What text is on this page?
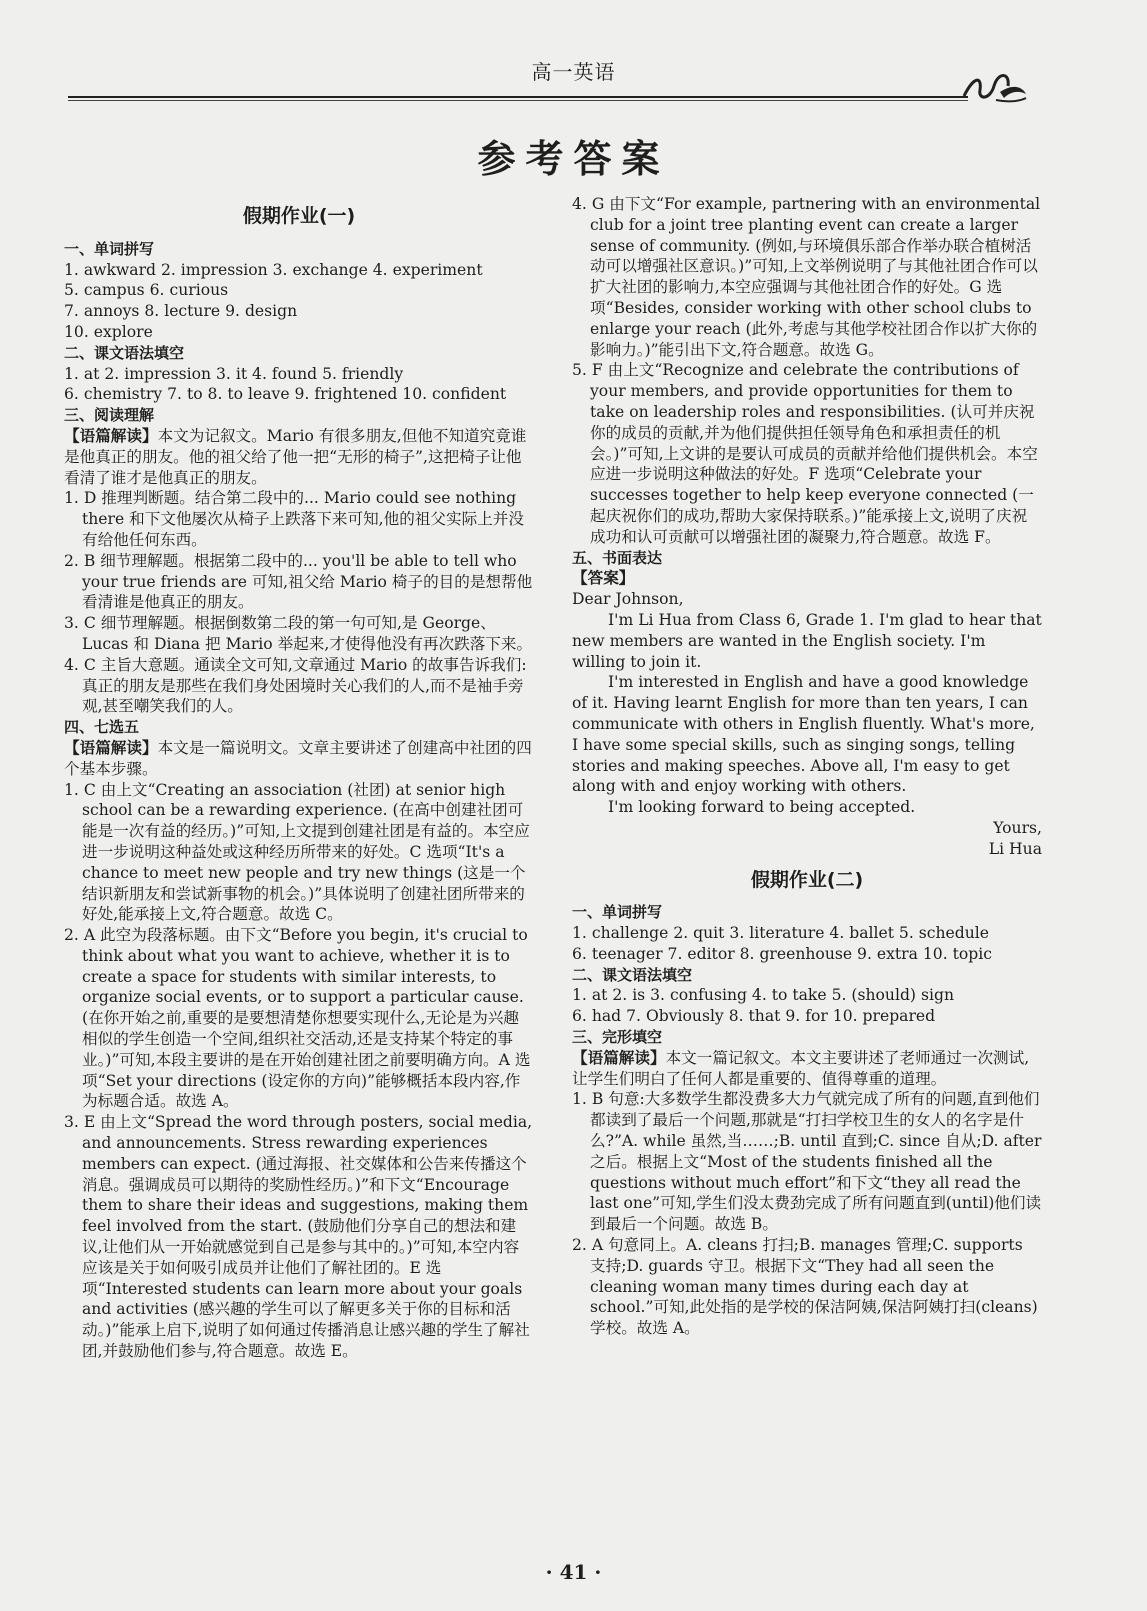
高一英语
参考答案
假期作业(一)

一、单词拼写

1. awkward 2. impression 3. exchange 4. experiment

5. campus 6. curious

7. annoys 8. lecture 9. design

10. explore

二、课文语法填空

1. at 2. impression 3. it 4. found 5. friendly

6. chemistry 7. to 8. to leave 9. frightened 10. confident

三、阅读理解

【语篇解读】本文为记叙文。Mario 有很多朋友,但他不知道究竟谁是他真正的朋友。他的祖父给了他一把“无形的椅子”,这把椅子让他看清了谁才是他真正的朋友。

1. D 推理判断题。结合第二段中的... Mario could see nothing there 和下文他屡次从椅子上跌落下来可知,他的祖父实际上并没有给他任何东西。

2. B 细节理解题。根据第二段中的... you'll be able to tell who your true friends are 可知,祖父给 Mario 椅子的目的是想帮他看清谁是他真正的朋友。

3. C 细节理解题。根据倒数第二段的第一句可知,是 George、Lucas 和 Diana 把 Mario 举起来,才使得他没有再次跌落下来。

4. C 主旨大意题。通读全文可知,文章通过 Mario 的故事告诉我们:真正的朋友是那些在我们身处困境时关心我们的人,而不是袖手旁观,甚至嘲笑我们的人。

四、七选五

【语篇解读】本文是一篇说明文。文章主要讲述了创建高中社团的四个基本步骤。

1. C 由上文“Creating an association (社团) at senior high school can be a rewarding experience. (在高中创建社团可能是一次有益的经历。)”可知,上文提到创建社团是有益的。本空应进一步说明这种益处或这种经历所带来的好处。C 选项“It's a chance to meet new people and try new things (这是一个结识新朋友和尝试新事物的机会。)”具体说明了创建社团所带来的好处,能承接上文,符合题意。故选 C。

2. A 此空为段落标题。由下文“Before you begin, it's crucial to think about what you want to achieve, whether it is to create a space for students with similar interests, to organize social events, or to support a particular cause. (在你开始之前,重要的是要想清楚你想要实现什么,无论是为兴趣相似的学生创造一个空间,组织社交活动,还是支持某个特定的事业。)”可知,本段主要讲的是在开始创建社团之前要明确方向。A 选项“Set your directions (设定你的方向)”能够概括本段内容,作为标题合适。故选 A。

3. E 由上文“Spread the word through posters, social media, and announcements. Stress rewarding experiences members can expect. (通过海报、社交媒体和公告来传播这个消息。强调成员可以期待的奖励性经历。)”和下文“Encourage them to share their ideas and suggestions, making them feel involved from the start. (鼓励他们分享自己的想法和建议,让他们从一开始就感觉到自己是参与其中的。)”可知,本空内容应该是关于如何吸引成员并让他们了解社团的。E 选项“Interested students can learn more about your goals and activities (感兴趣的学生可以了解更多关于你的目标和活动。)”能承上启下,说明了如何通过传播消息让感兴趣的学生了解社团,并鼓励他们参与,符合题意。故选 E。

4. G 由下文“For example, partnering with an environmental club for a joint tree planting event can create a larger sense of community. (例如,与环境俱乐部合作举办联合植树活动可以增强社区意识。)”可知,上文举例说明了与其他社团合作可以扩大社团的影响力,本空应强调与其他社团合作的好处。G 选项“Besides, consider working with other school clubs to enlarge your reach (此外,考虑与其他学校社团合作以扩大你的影响力。)”能引出下文,符合题意。故选 G。

5. F 由上文“Recognize and celebrate the contributions of your members, and provide opportunities for them to take on leadership roles and responsibilities. (认可并庆祝你的成员的贡献,并为他们提供担任领导角色和承担责任的机会。)”可知,上文讲的是要认可成员的贡献并给他们提供机会。本空应进一步说明这种做法的好处。F 选项“Celebrate your successes together to help keep everyone connected (一起庆祝你们的成功,帮助大家保持联系。)”能承接上文,说明了庆祝成功和认可贡献可以增强社团的凝聚力,符合题意。故选 F。

五、书面表达

【答案】

Dear Johnson,

I'm Li Hua from Class 6, Grade 1. I'm glad to hear that new members are wanted in the English society. I'm willing to join it.

I'm interested in English and have a good knowledge of it. Having learnt English for more than ten years, I can communicate with others in English fluently. What's more, I have some special skills, such as singing songs, telling stories and making speeches. Above all, I'm easy to get along with and enjoy working with others.

I'm looking forward to being accepted.

Yours,

Li Hua

假期作业(二)

一、单词拼写

1. challenge 2. quit 3. literature 4. ballet 5. schedule

6. teenager 7. editor 8. greenhouse 9. extra 10. topic

二、课文语法填空

1. at 2. is 3. confusing 4. to take 5. (should) sign

6. had 7. Obviously 8. that 9. for 10. prepared

三、完形填空

【语篇解读】本文一篇记叙文。本文主要讲述了老师通过一次测试,让学生们明白了任何人都是重要的、值得尊重的道理。

1. B 句意:大多数学生都没费多大力气就完成了所有的问题,直到他们都读到了最后一个问题,那就是“打扫学校卫生的女人的名字是什么?”A. while 虽然,当……;B. until 直到;C. since 自从;D. after 之后。根据上文“Most of the students finished all the questions without much effort”和下文“they all read the last one”可知,学生们没太费劲完成了所有问题直到(until)他们读到最后一个问题。故选 B。

2. A 句意同上。A. cleans 打扫;B. manages 管理;C. supports 支持;D. guards 守卫。根据下文“They had all seen the cleaning woman many times during each day at school.”可知,此处指的是学校的保洁阿姨,保洁阿姨打扫(cleans)学校。故选 A。

· 41 ·
